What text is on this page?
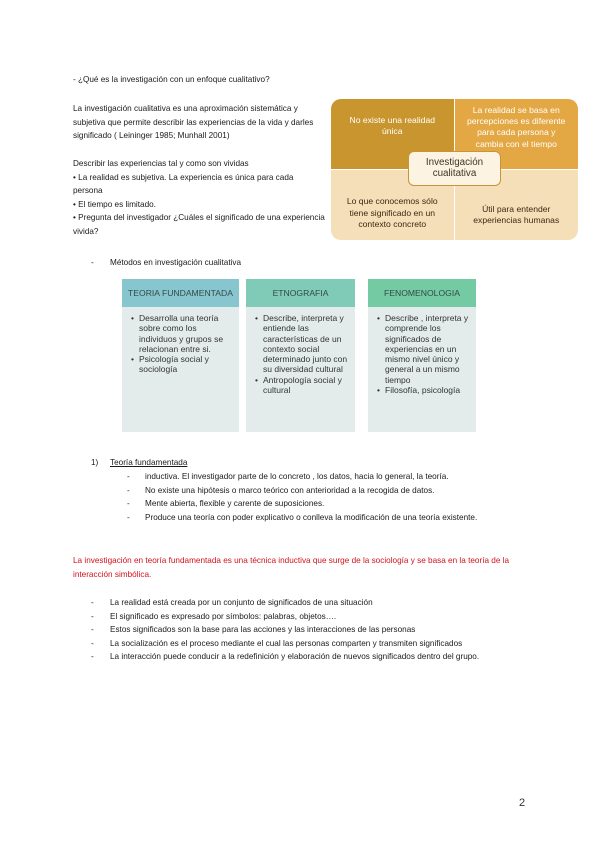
- ¿Qué es la investigación con un enfoque cualitativo?
La investigación cualitativa es una aproximación sistemática y subjetiva que permite describir las experiencias de la vida y darles significado ( Leininger 1985; Munhall 2001)
Describir las experiencias tal y como son vividas
• La realidad es subjetiva. La experiencia es única para cada persona
• El tiempo es limitado.
• Pregunta del investigador ¿Cuáles el significado de una experiencia vivida?
No existe una realidad única
La realidad se basa en percepciones es diferente para cada persona y cambia con el tiempo
Lo que conocemos sólo tiene significado en un contexto concreto
Útil para entender experiencias humanas
Investigación cualitativa
- Métodos en investigación cualitativa
TEORIA FUNDAMENTADA
• Desarrolla una teoría sobre como los individuos y grupos se relacionan entre si.
• Psicología social y sociología
ETNOGRAFIA
• Describe, interpreta y entiende las características de un contexto social determinado junto con su diversidad cultural
• Antropología social y cultural
FENOMENOLOGIA
• Describe , interpreta y comprende los significados de experiencias en un mismo nivel único y general a un mismo tiempo
• Filosofía, psicología
1) Teoría fundamentada
- inductiva. El investigador parte de lo concreto , los datos, hacia lo general, la teoría.
- No existe una hipótesis o marco teórico con anterioridad a la recogida de datos.
- Mente abierta, flexible y carente de suposiciones.
- Produce una teoría con poder explicativo o conlleva la modificación de una teoría existente.
La investigación en teoría fundamentada es una técnica inductiva que surge de la sociología y se basa en la teoría de la interacción simbólica.
- La realidad está creada por un conjunto de significados de una situación
- El significado es expresado por símbolos: palabras, objetos….
- Estos significados son la base para las acciones y las interacciones de las personas
- La socialización es el proceso mediante el cual las personas comparten y transmiten significados
- La interacción puede conducir a la redefinición y elaboración de nuevos significados dentro del grupo.
2
